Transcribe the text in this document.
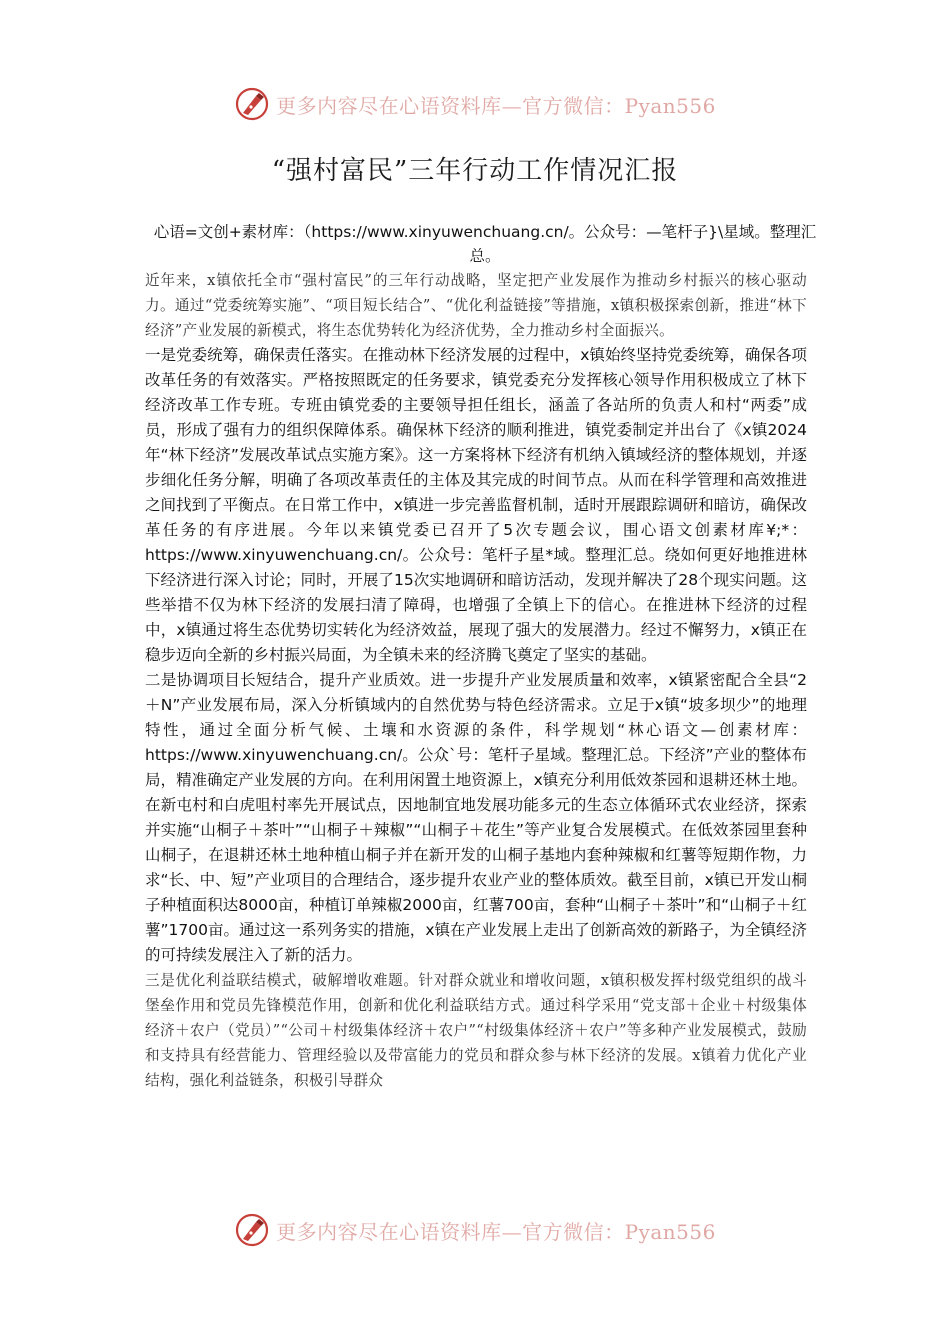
更多内容尽在心语资料库—官方微信：Pyan556
“强村富民”三年行动工作情况汇报
心语=文创+素材库：（https://www.xinyuwenchuang.cn/。公众号：—笔杆子}\星域。整理汇总。

近年来，x镇依托全市“强村富民”的三年行动战略，坚定把产业发展作为推动乡村振兴的核心驱动力。通过“党委统筹实施”、“项目短长结合”、“优化利益链接”等措施，x镇积极探索创新，推进“林下经济”产业发展的新模式，将生态优势转化为经济优势，全力推动乡村全面振兴。

一是党委统筹，确保责任落实。在推动林下经济发展的过程中，x镇始终坚持党委统筹，确保各项改革任务的有效落实。严格按照既定的任务要求，镇党委充分发挥核心领导作用积极成立了林下经济改革工作专班。专班由镇党委的主要领导担任组长，涵盖了各站所的负责人和村“两委”成员，形成了强有力的组织保障体系。确保林下经济的顺利推进，镇党委制定并出台了《x镇2024年“林下经济”发展改革试点实施方案》。这一方案将林下经济有机纳入镇域经济的整体规划，并逐步细化任务分解，明确了各项改革责任的主体及其完成的时间节点。从而在科学管理和高效推进之间找到了平衡点。在日常工作中，x镇进一步完善监督机制，适时开展跟踪调研和暗访，确保改革任务的有序进展。今年以来镇党委已召开了5次专题会议，围心语文创素材库¥;*：https://www.xinyuwenchuang.cn/。公众号：笔杆子星*域。整理汇总。绕如何更好地推进林下经济进行深入讨论；同时，开展了15次实地调研和暗访活动，发现并解决了28个现实问题。这些举措不仅为林下经济的发展扫清了障碍，也增强了全镇上下的信心。在推进林下经济的过程中，x镇通过将生态优势切实转化为经济效益，展现了强大的发展潜力。经过不懈努力，x镇正在稳步迈向全新的乡村振兴局面，为全镇未来的经济腾飞奠定了坚实的基础。

二是协调项目长短结合，提升产业质效。进一步提升产业发展质量和效率，x镇紧密配合全县“2＋N”产业发展布局，深入分析镇域内的自然优势与特色经济需求。立足于x镇“坡多坝少”的地理特性，通过全面分析气候、土壤和水资源的条件，科学规划“林心语文—创素材库：https://www.xinyuwenchuang.cn/。公众`号：笔杆子星域。整理汇总。下经济”产业的整体布局，精准确定产业发展的方向。在利用闲置土地资源上，x镇充分利用低效茶园和退耕还林土地。在新屯村和白虎咀村率先开展试点，因地制宜地发展功能多元的生态立体循环式农业经济，探索并实施“山桐子＋茶叶”“山桐子＋辣椒”“山桐子＋花生”等产业复合发展模式。在低效茶园里套种山桐子，在退耕还林土地种植山桐子并在新开发的山桐子基地内套种辣椒和红薯等短期作物，力求“长、中、短”产业项目的合理结合，逐步提升农业产业的整体质效。截至目前，x镇已开发山桐子种植面积达8000亩，种植订单辣椒2000亩，红薯700亩，套种“山桐子＋茶叶”和“山桐子＋红薯”1700亩。通过这一系列务实的措施，x镇在产业发展上走出了创新高效的新路子，为全镇经济的可持续发展注入了新的活力。

三是优化利益联结模式，破解增收难题。针对群众就业和增收问题，x镇积极发挥村级党组织的战斗堡垒作用和党员先锋模范作用，创新和优化利益联结方式。通过科学采用“党支部＋企业＋村级集体经济＋农户（党员）”“公司＋村级集体经济＋农户”“村级集体经济＋农户”等多种产业发展模式，鼓励和支持具有经营能力、管理经验以及带富能力的党员和群众参与林下经济的发展。x镇着力优化产业结构，强化利益链条，积极引导群众

更多内容尽在心语资料库—官方微信：Pyan556
